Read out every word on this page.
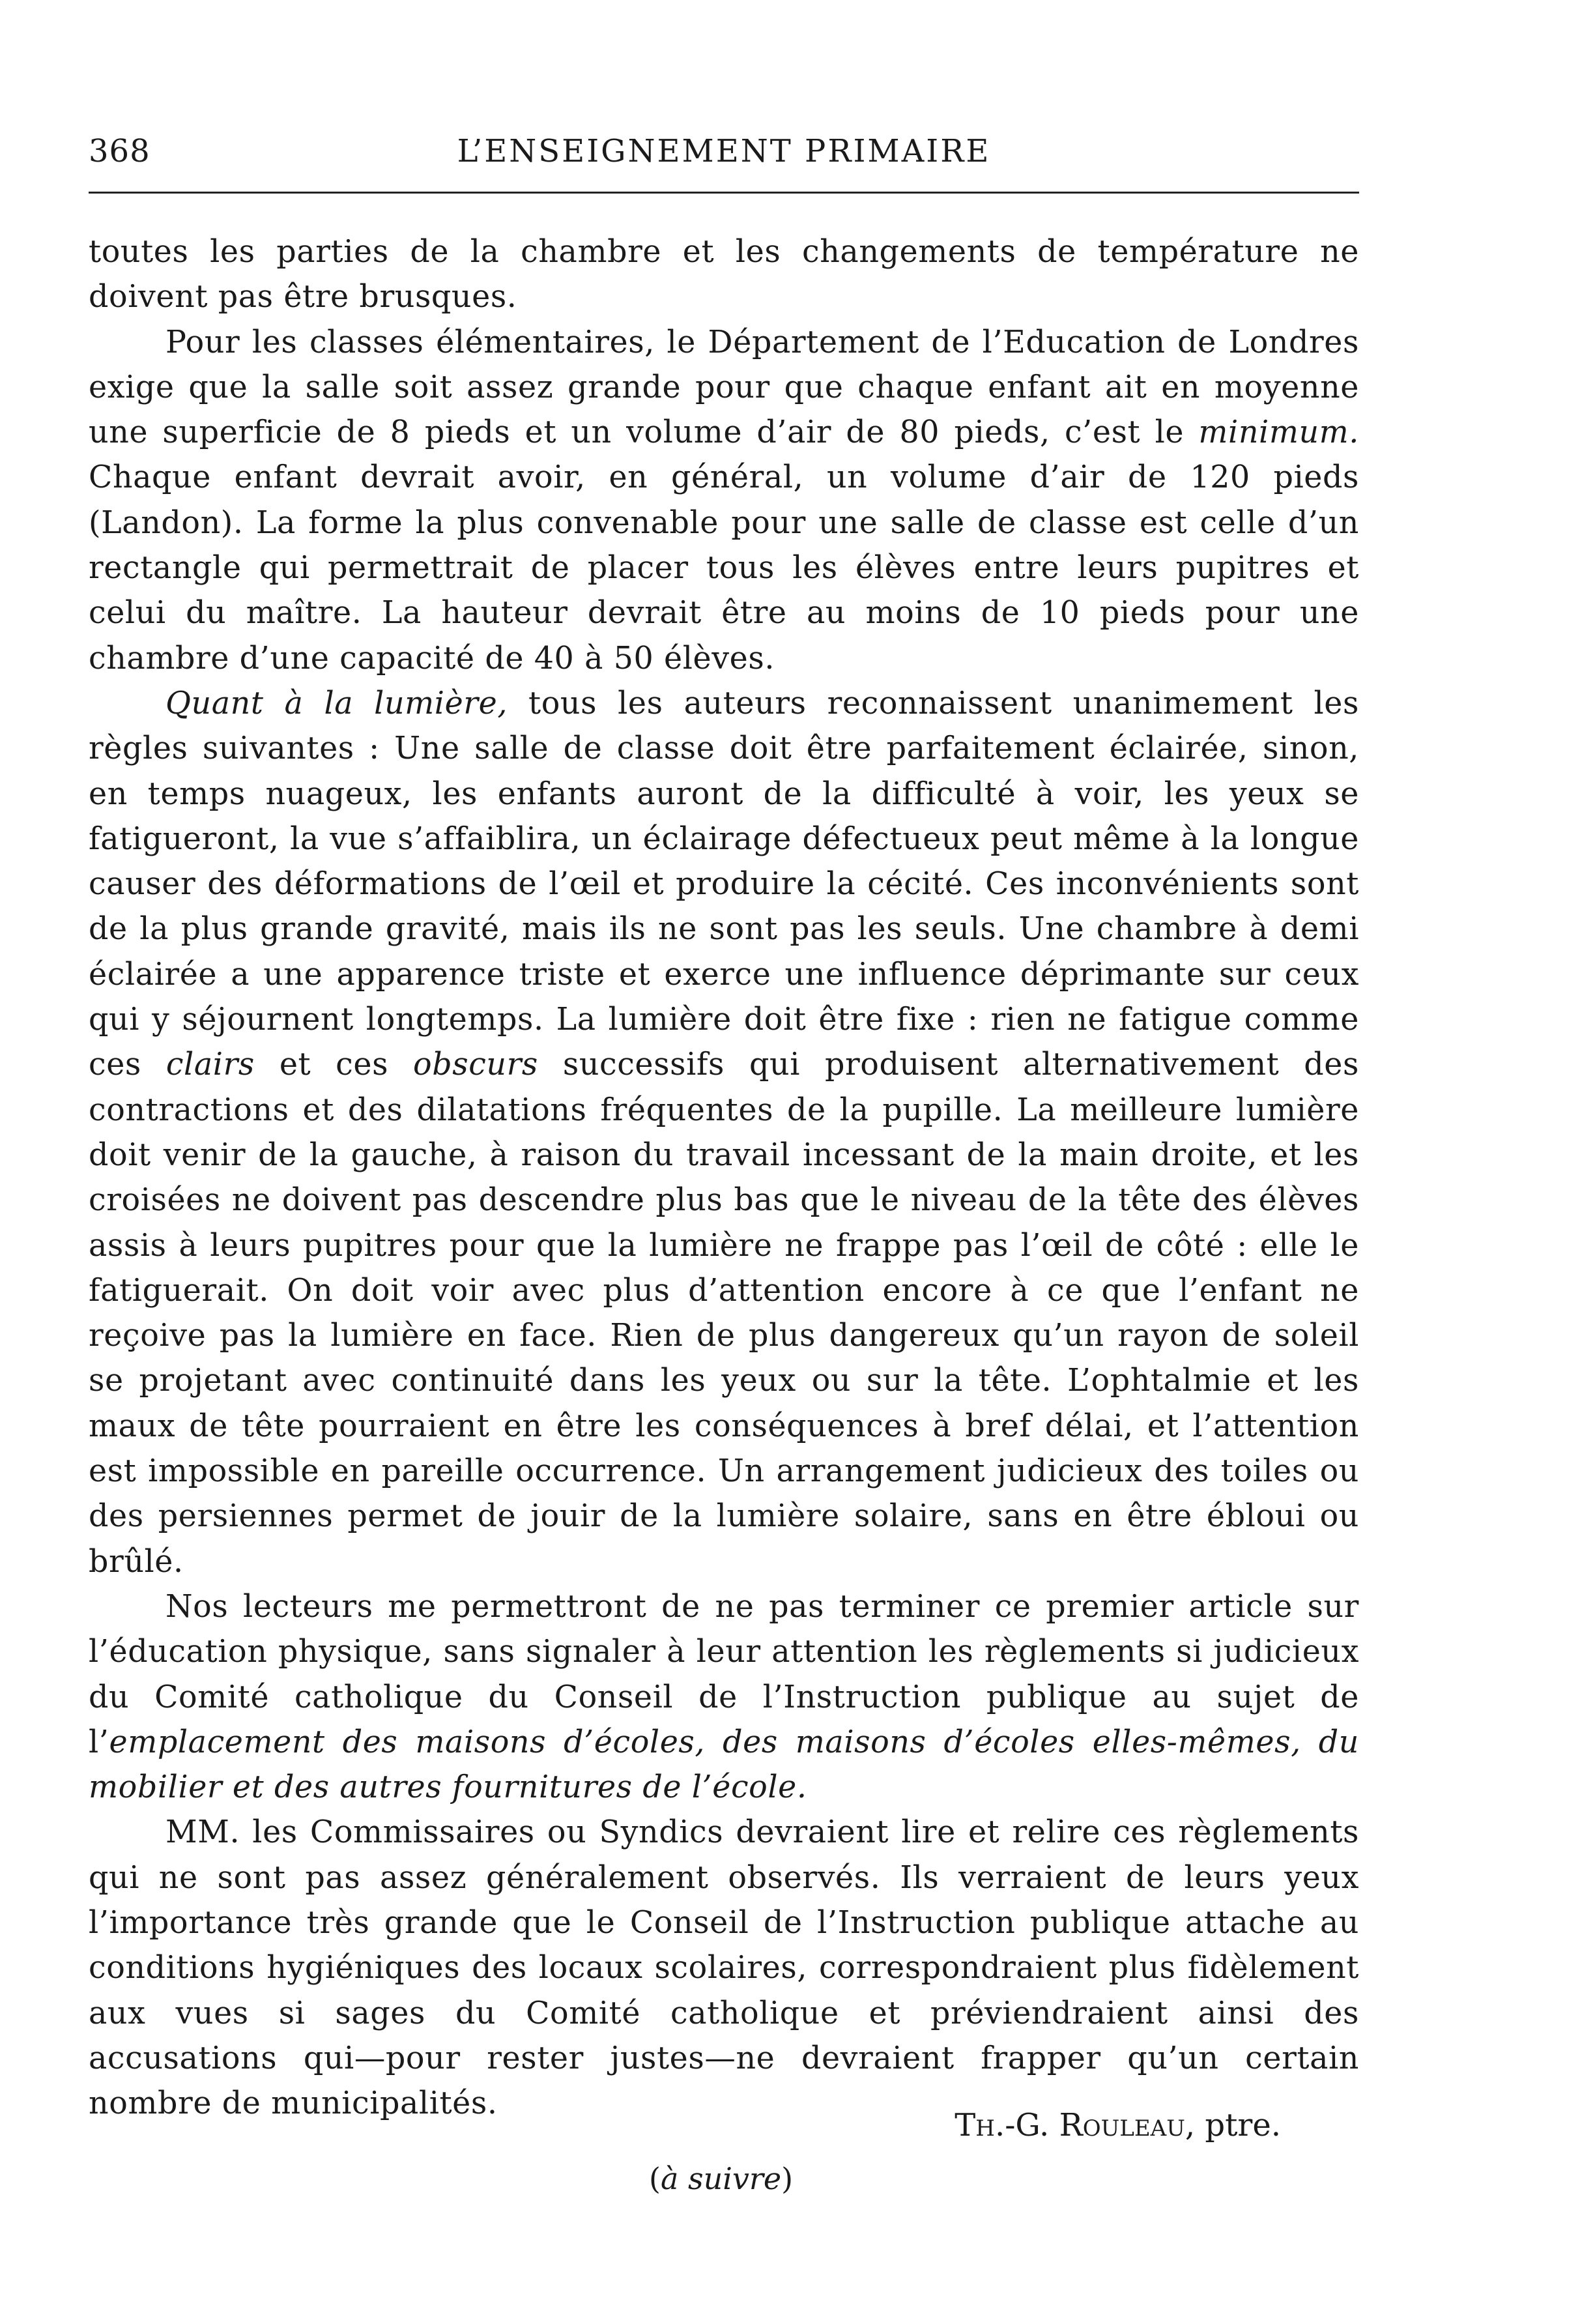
368	L’ENSEIGNEMENT PRIMAIRE

toutes les parties de la chambre et les changements de température ne doivent pas être brusques.

Pour les classes élémentaires, le Département de l’Education de Londres exige que la salle soit assez grande pour que chaque enfant ait en moyenne une superficie de 8 pieds et un volume d’air de 80 pieds, c’est le minimum. Chaque enfant devrait avoir, en général, un volume d’air de 120 pieds (Landon). La forme la plus convenable pour une salle de classe est celle d’un rectangle qui permettrait de placer tous les élèves entre leurs pupitres et celui du maître. La hauteur devrait être au moins de 10 pieds pour une chambre d’une capacité de 40 à 50 élèves.

Quant à la lumière, tous les auteurs reconnaissent unanimement les règles suivantes : Une salle de classe doit être parfaitement éclairée, sinon, en temps nuageux, les enfants auront de la difficulté à voir, les yeux se fatigueront, la vue s’affaiblira, un éclairage défectueux peut même à la longue causer des déformations de l’œil et produire la cécité. Ces inconvénients sont de la plus grande gravité, mais ils ne sont pas les seuls. Une chambre à demi éclairée a une apparence triste et exerce une influence déprimante sur ceux qui y séjournent longtemps. La lumière doit être fixe : rien ne fatigue comme ces clairs et ces obscurs successifs qui produisent alternativement des contractions et des dilatations fréquentes de la pupille. La meilleure lumière doit venir de la gauche, à raison du travail incessant de la main droite, et les croisées ne doivent pas descendre plus bas que le niveau de la tête des élèves assis à leurs pupitres pour que la lumière ne frappe pas l’œil de côté : elle le fatiguerait. On doit voir avec plus d’attention encore à ce que l’enfant ne reçoive pas la lumière en face. Rien de plus dangereux qu’un rayon de soleil se projetant avec continuité dans les yeux ou sur la tête. L’ophtalmie et les maux de tête pourraient en être les conséquences à bref délai, et l’attention est impossible en pareille occurrence. Un arrangement judicieux des toiles ou des persiennes permet de jouir de la lumière solaire, sans en être ébloui ou brûlé.

Nos lecteurs me permettront de ne pas terminer ce premier article sur l’éducation physique, sans signaler à leur attention les règlements si judicieux du Comité catholique du Conseil de l’Instruction publique au sujet de l’emplacement des maisons d’écoles, des maisons d’écoles elles-mêmes, du mobilier et des autres fournitures de l’école.

MM. les Commissaires ou Syndics devraient lire et relire ces règlements qui ne sont pas assez généralement observés. Ils verraient de leurs yeux l’importance très grande que le Conseil de l’Instruction publique attache au conditions hygiéniques des locaux scolaires, correspondraient plus fidèlement aux vues si sages du Comité catholique et préviendraient ainsi des accusations qui—pour rester justes—ne devraient frapper qu’un certain nombre de municipalités.

Th.-G. Rouleau, ptre.
(à suivre)
